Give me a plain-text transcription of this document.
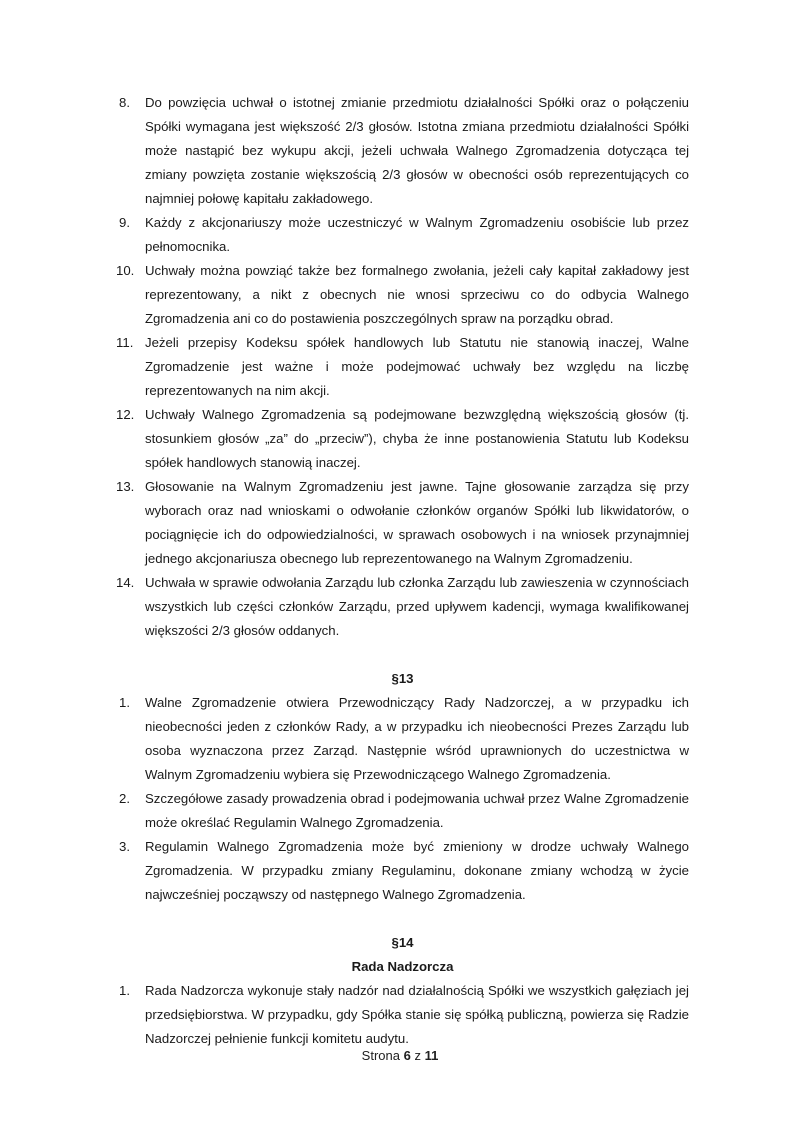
8.	Do powzięcia uchwał o istotnej zmianie przedmiotu działalności Spółki oraz o połączeniu Spółki wymagana jest większość 2/3 głosów. Istotna zmiana przedmiotu działalności Spółki może nastąpić bez wykupu akcji, jeżeli uchwała Walnego Zgromadzenia dotycząca tej zmiany powzięta zostanie większością 2/3 głosów w obecności osób reprezentujących co najmniej połowę kapitału zakładowego.
9.	Każdy z akcjonariuszy może uczestniczyć w Walnym Zgromadzeniu osobiście lub przez pełnomocnika.
10. Uchwały można powziąć także bez formalnego zwołania, jeżeli cały kapitał zakładowy jest reprezentowany, a nikt z obecnych nie wnosi sprzeciwu co do odbycia Walnego Zgromadzenia ani co do postawienia poszczególnych spraw na porządku obrad.
11. Jeżeli przepisy Kodeksu spółek handlowych lub Statutu nie stanowią inaczej, Walne Zgromadzenie jest ważne i może podejmować uchwały bez względu na liczbę reprezentowanych na nim akcji.
12. Uchwały Walnego Zgromadzenia są podejmowane bezwzględną większością głosów (tj. stosunkiem głosów „za” do „przeciw”), chyba że inne postanowienia Statutu lub Kodeksu spółek handlowych stanowią inaczej.
13. Głosowanie na Walnym Zgromadzeniu jest jawne. Tajne głosowanie zarządza się przy wyborach oraz nad wnioskami o odwołanie członków organów Spółki lub likwidatorów, o pociągnięcie ich do odpowiedzialności, w sprawach osobowych i na wniosek przynajmniej jednego akcjonariusza obecnego lub reprezentowanego na Walnym Zgromadzeniu.
14. Uchwała w sprawie odwołania Zarządu lub członka Zarządu lub zawieszenia w czynnościach wszystkich lub części członków Zarządu, przed upływem kadencji, wymaga kwalifikowanej większości 2/3 głosów oddanych.
§13
1.	Walne Zgromadzenie otwiera Przewodniczący Rady Nadzorczej, a w przypadku ich nieobecności jeden z członków Rady, a w przypadku ich nieobecności Prezes Zarządu lub osoba wyznaczona przez Zarząd. Następnie wśród uprawnionych do uczestnictwa w Walnym Zgromadzeniu wybiera się Przewodniczącego Walnego Zgromadzenia.
2.	Szczegółowe zasady prowadzenia obrad i podejmowania uchwał przez Walne Zgromadzenie może określać Regulamin Walnego Zgromadzenia.
3.	Regulamin Walnego Zgromadzenia może być zmieniony w drodze uchwały Walnego Zgromadzenia. W przypadku zmiany Regulaminu, dokonane zmiany wchodzą w życie najwcześniej począwszy od następnego Walnego Zgromadzenia.
§14
Rada Nadzorcza
1.	Rada Nadzorcza wykonuje stały nadzór nad działalnością Spółki we wszystkich gałęziach jej przedsiębiorstwa. W przypadku, gdy Spółka stanie się spółką publiczną, powierza się Radzie Nadzorczej pełnienie funkcji komitetu audytu.
Strona 6 z 11
